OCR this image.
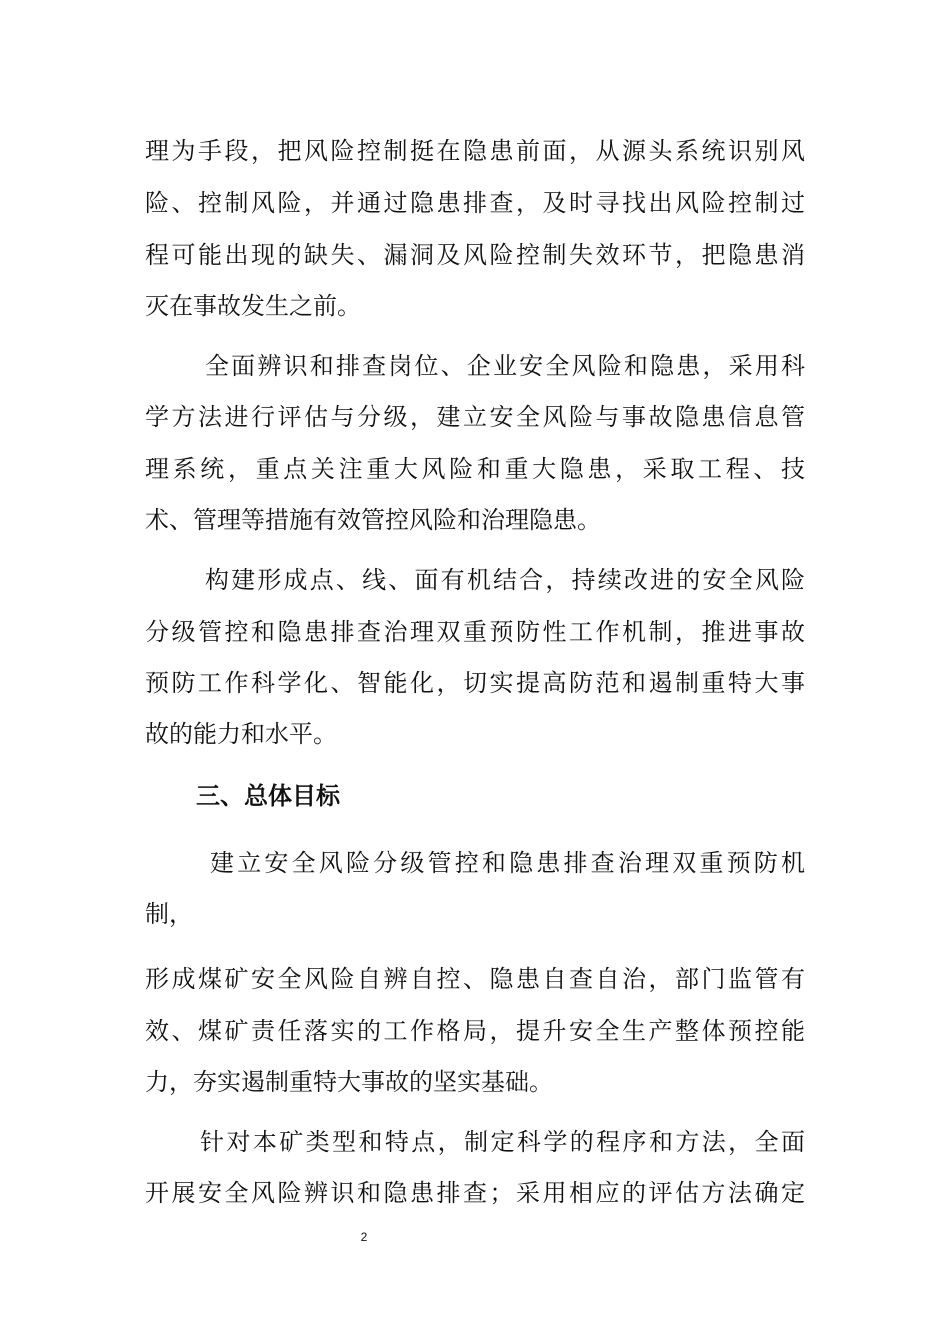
理为手段，把风险控制挺在隐患前面，从源头系统识别风

险、控制风险，并通过隐患排查，及时寻找出风险控制过

程可能出现的缺失、漏洞及风险控制失效环节，把隐患消

灭在事故发生之前。

全面辨识和排查岗位、企业安全风险和隐患，采用科

学方法进行评估与分级，建立安全风险与事故隐患信息管

理系统，重点关注重大风险和重大隐患，采取工程、技

术、管理等措施有效管控风险和治理隐患。

构建形成点、线、面有机结合，持续改进的安全风险

分级管控和隐患排查治理双重预防性工作机制，推进事故

预防工作科学化、智能化，切实提高防范和遏制重特大事

故的能力和水平。

三、总体目标

建立安全风险分级管控和隐患排查治理双重预防机

制，

形成煤矿安全风险自辨自控、隐患自查自治，部门监管有

效、煤矿责任落实的工作格局，提升安全生产整体预控能

力，夯实遏制重特大事故的坚实基础。

针对本矿类型和特点，制定科学的程序和方法，全面

开展安全风险辨识和隐患排查；采用相应的评估方法确定

2
